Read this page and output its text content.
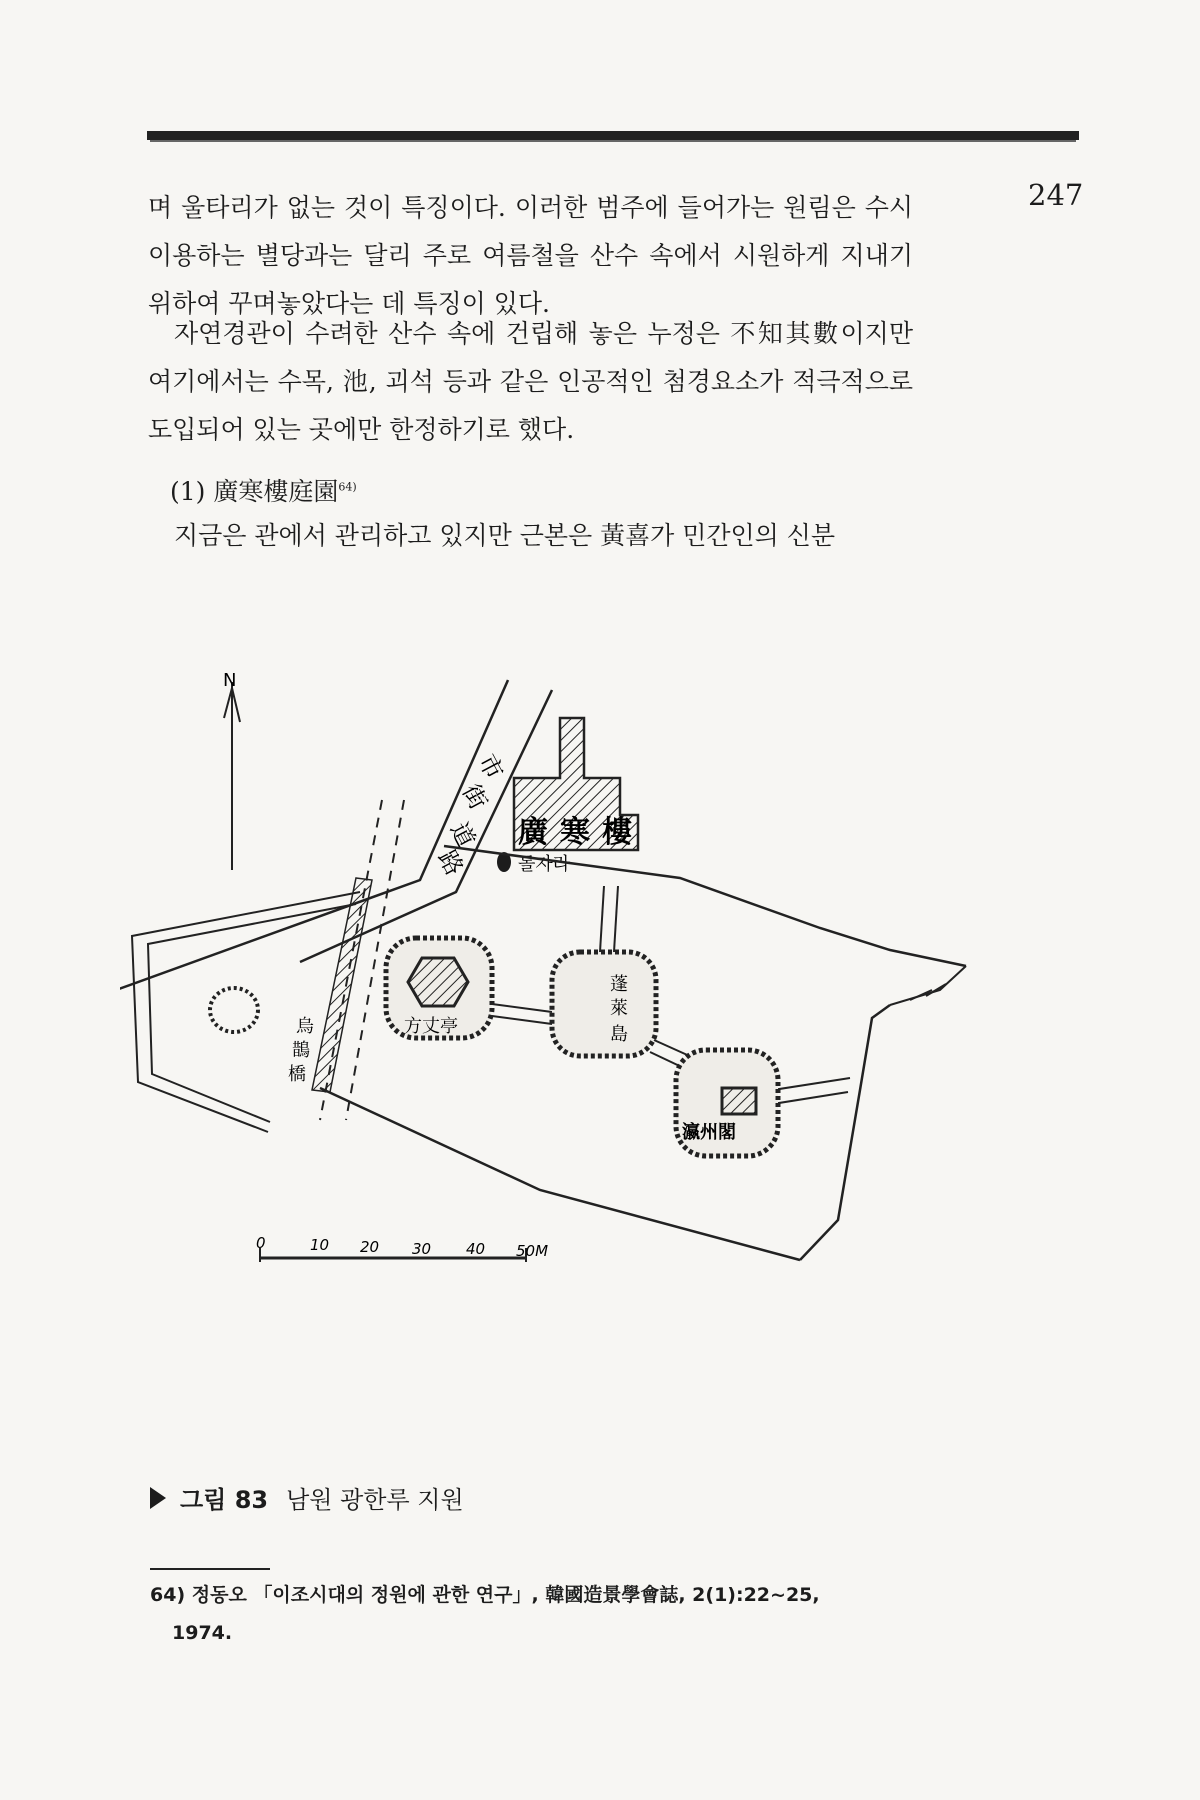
247

며 울타리가 없는 것이 특징이다. 이러한 범주에 들어가는 원림은 수시 이용하는 별당과는 달리 주로 여름철을 산수 속에서 시원하게 지내기 위하여 꾸며놓았다는 데 특징이 있다.

자연경관이 수려한 산수 속에 건립해 놓은 누정은 不知其數이지만 여기에서는 수목, 池, 괴석 등과 같은 인공적인 첨경요소가 적극적으로 도입되어 있는 곳에만 한정하기로 했다.

(1) 廣寒樓庭園$^{64)}$

지금은 관에서 관리하고 있지만 근본은 黃喜가 민간인의 신분

N
市
街
道
路
廣 寒 樓
돌자라
方丈亭
蓬
萊
島
瀛州閣
烏
鵲
橋
0	10 20 30 40 50M
그림 83 남원 광한루 지원
64) 정동오 「이조시대의 정원에 관한 연구」, 韓國造景學會誌, 2(1):22~25,
1974.
